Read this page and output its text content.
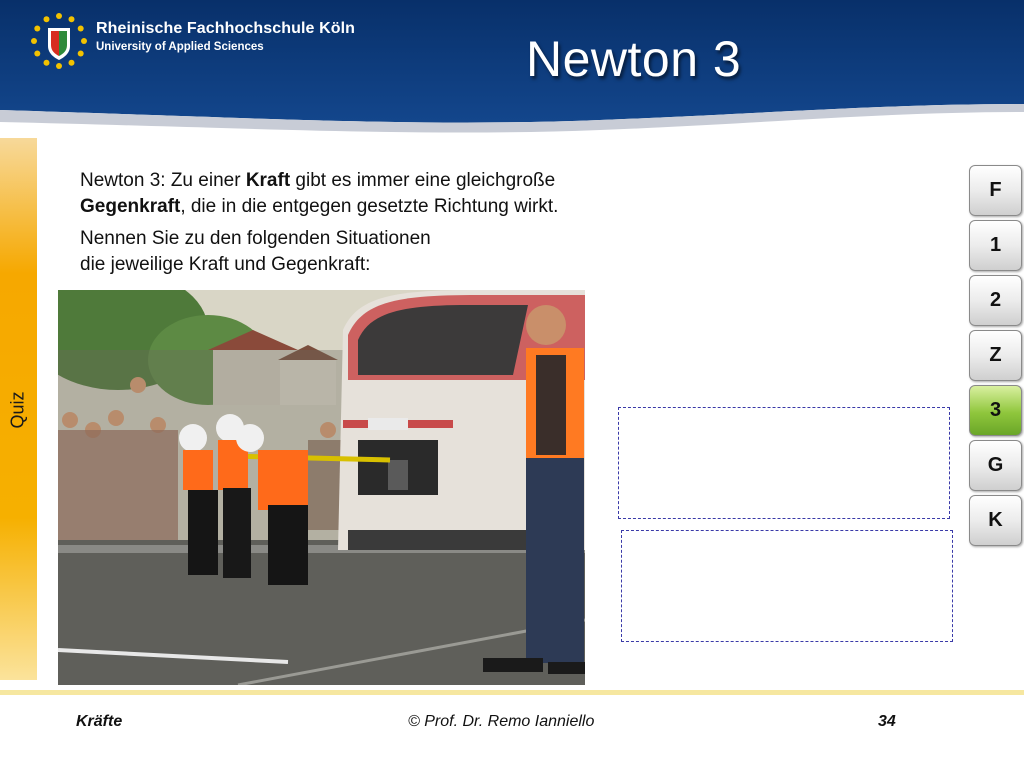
Rheinische Fachhochschule Köln
University of Applied Sciences	Newton 3
Quiz

Newton 3: Zu einer Kraft gibt es immer eine gleichgroße
Gegenkraft, die in die entgegen gesetzte Richtung wirkt.

Nennen Sie zu den folgenden Situationen
die jeweilige Kraft und Gegenkraft:

F
1
2
Z
3
G
K
Kräfte	© Prof. Dr. Remo Ianniello	34
